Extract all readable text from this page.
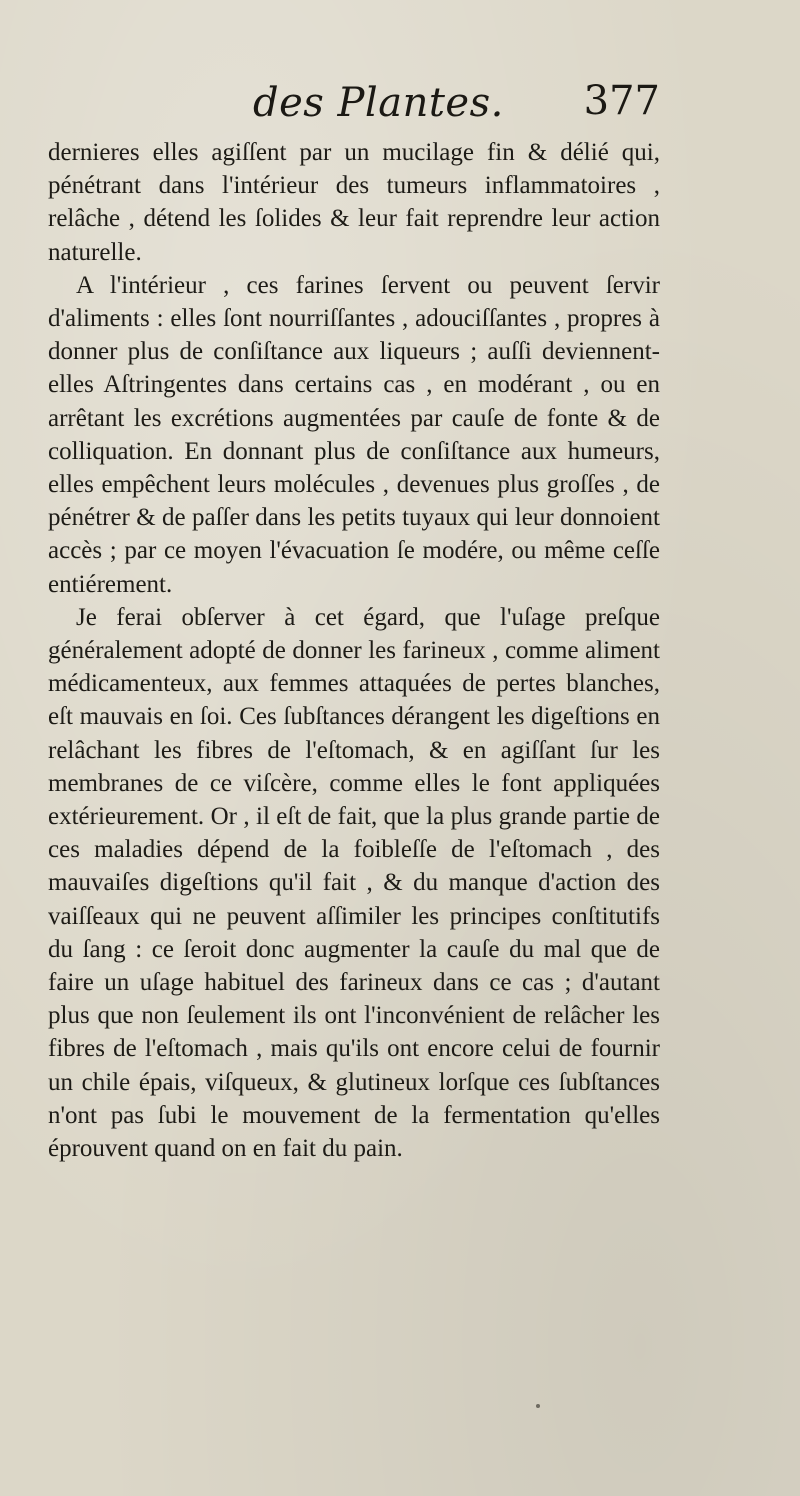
des Plantes. 377

dernieres elles agiſſent par un mucilage fin & délié qui, pénétrant dans l'intérieur des tumeurs inflammatoires , relâche , détend les ſolides & leur fait reprendre leur action naturelle.

A l'intérieur , ces farines ſervent ou peuvent ſervir d'aliments : elles ſont nourriſſantes , adouciſſantes , propres à donner plus de conſiſtance aux liqueurs ; auſſi deviennent-elles Aſtringentes dans certains cas , en modérant , ou en arrêtant les excrétions augmentées par cauſe de fonte & de colliquation. En donnant plus de conſiſtance aux humeurs, elles empêchent leurs molécules , devenues plus groſſes , de pénétrer & de paſſer dans les petits tuyaux qui leur donnoient accès ; par ce moyen l'évacuation ſe modére, ou même ceſſe entiérement.

Je ferai obſerver à cet égard, que l'uſage preſque généralement adopté de donner les farineux , comme aliment médicamenteux, aux femmes attaquées de pertes blanches, eſt mauvais en ſoi. Ces ſubſtances dérangent les digeſtions en relâchant les fibres de l'eſtomach, & en agiſſant ſur les membranes de ce viſcère, comme elles le font appliquées extérieurement. Or , il eſt de fait, que la plus grande partie de ces maladies dépend de la foibleſſe de l'eſtomach , des mauvaiſes digeſtions qu'il fait , & du manque d'action des vaiſſeaux qui ne peuvent aſſimiler les principes conſtitutifs du ſang : ce ſeroit donc augmenter la cauſe du mal que de faire un uſage habituel des farineux dans ce cas ; d'autant plus que non ſeulement ils ont l'inconvénient de relâcher les fibres de l'eſtomach , mais qu'ils ont encore celui de fournir un chile épais, viſqueux, & glutineux lorſque ces ſubſtances n'ont pas ſubi le mouvement de la fermentation qu'elles éprouvent quand on en fait du pain.
